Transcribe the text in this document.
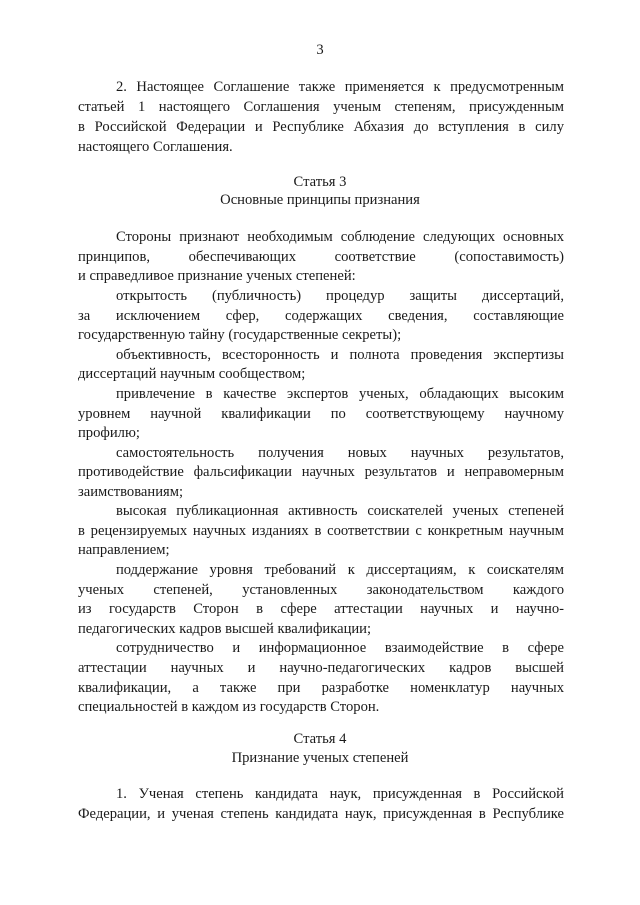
3
2. Настоящее Соглашение также применяется к предусмотренным
статьей 1 настоящего Соглашения ученым степеням, присужденным
в Российской Федерации и Республике Абхазия до вступления в силу
настоящего Соглашения.
Статья 3
Основные принципы признания
Стороны признают необходимым соблюдение следующих основных
принципов, обеспечивающих соответствие (сопоставимость)
и справедливое признание ученых степеней:
открытость (публичность) процедур защиты диссертаций,
за исключением сфер, содержащих сведения, составляющие
государственную тайну (государственные секреты);
объективность, всесторонность и полнота проведения экспертизы
диссертаций научным сообществом;
привлечение в качестве экспертов ученых, обладающих высоким
уровнем научной квалификации по соответствующему научному
профилю;
самостоятельность получения новых научных результатов,
противодействие фальсификации научных результатов и неправомерным
заимствованиям;
высокая публикационная активность соискателей ученых степеней
в рецензируемых научных изданиях в соответствии с конкретным научным
направлением;
поддержание уровня требований к диссертациям, к соискателям
ученых степеней, установленных законодательством каждого
из государств Сторон в сфере аттестации научных и научно-
педагогических кадров высшей квалификации;
сотрудничество и информационное взаимодействие в сфере
аттестации научных и научно-педагогических кадров высшей
квалификации, а также при разработке номенклатур научных
специальностей в каждом из государств Сторон.
Статья 4
Признание ученых степеней
1. Ученая степень кандидата наук, присужденная в Российской
Федерации, и ученая степень кандидата наук, присужденная в Республике
